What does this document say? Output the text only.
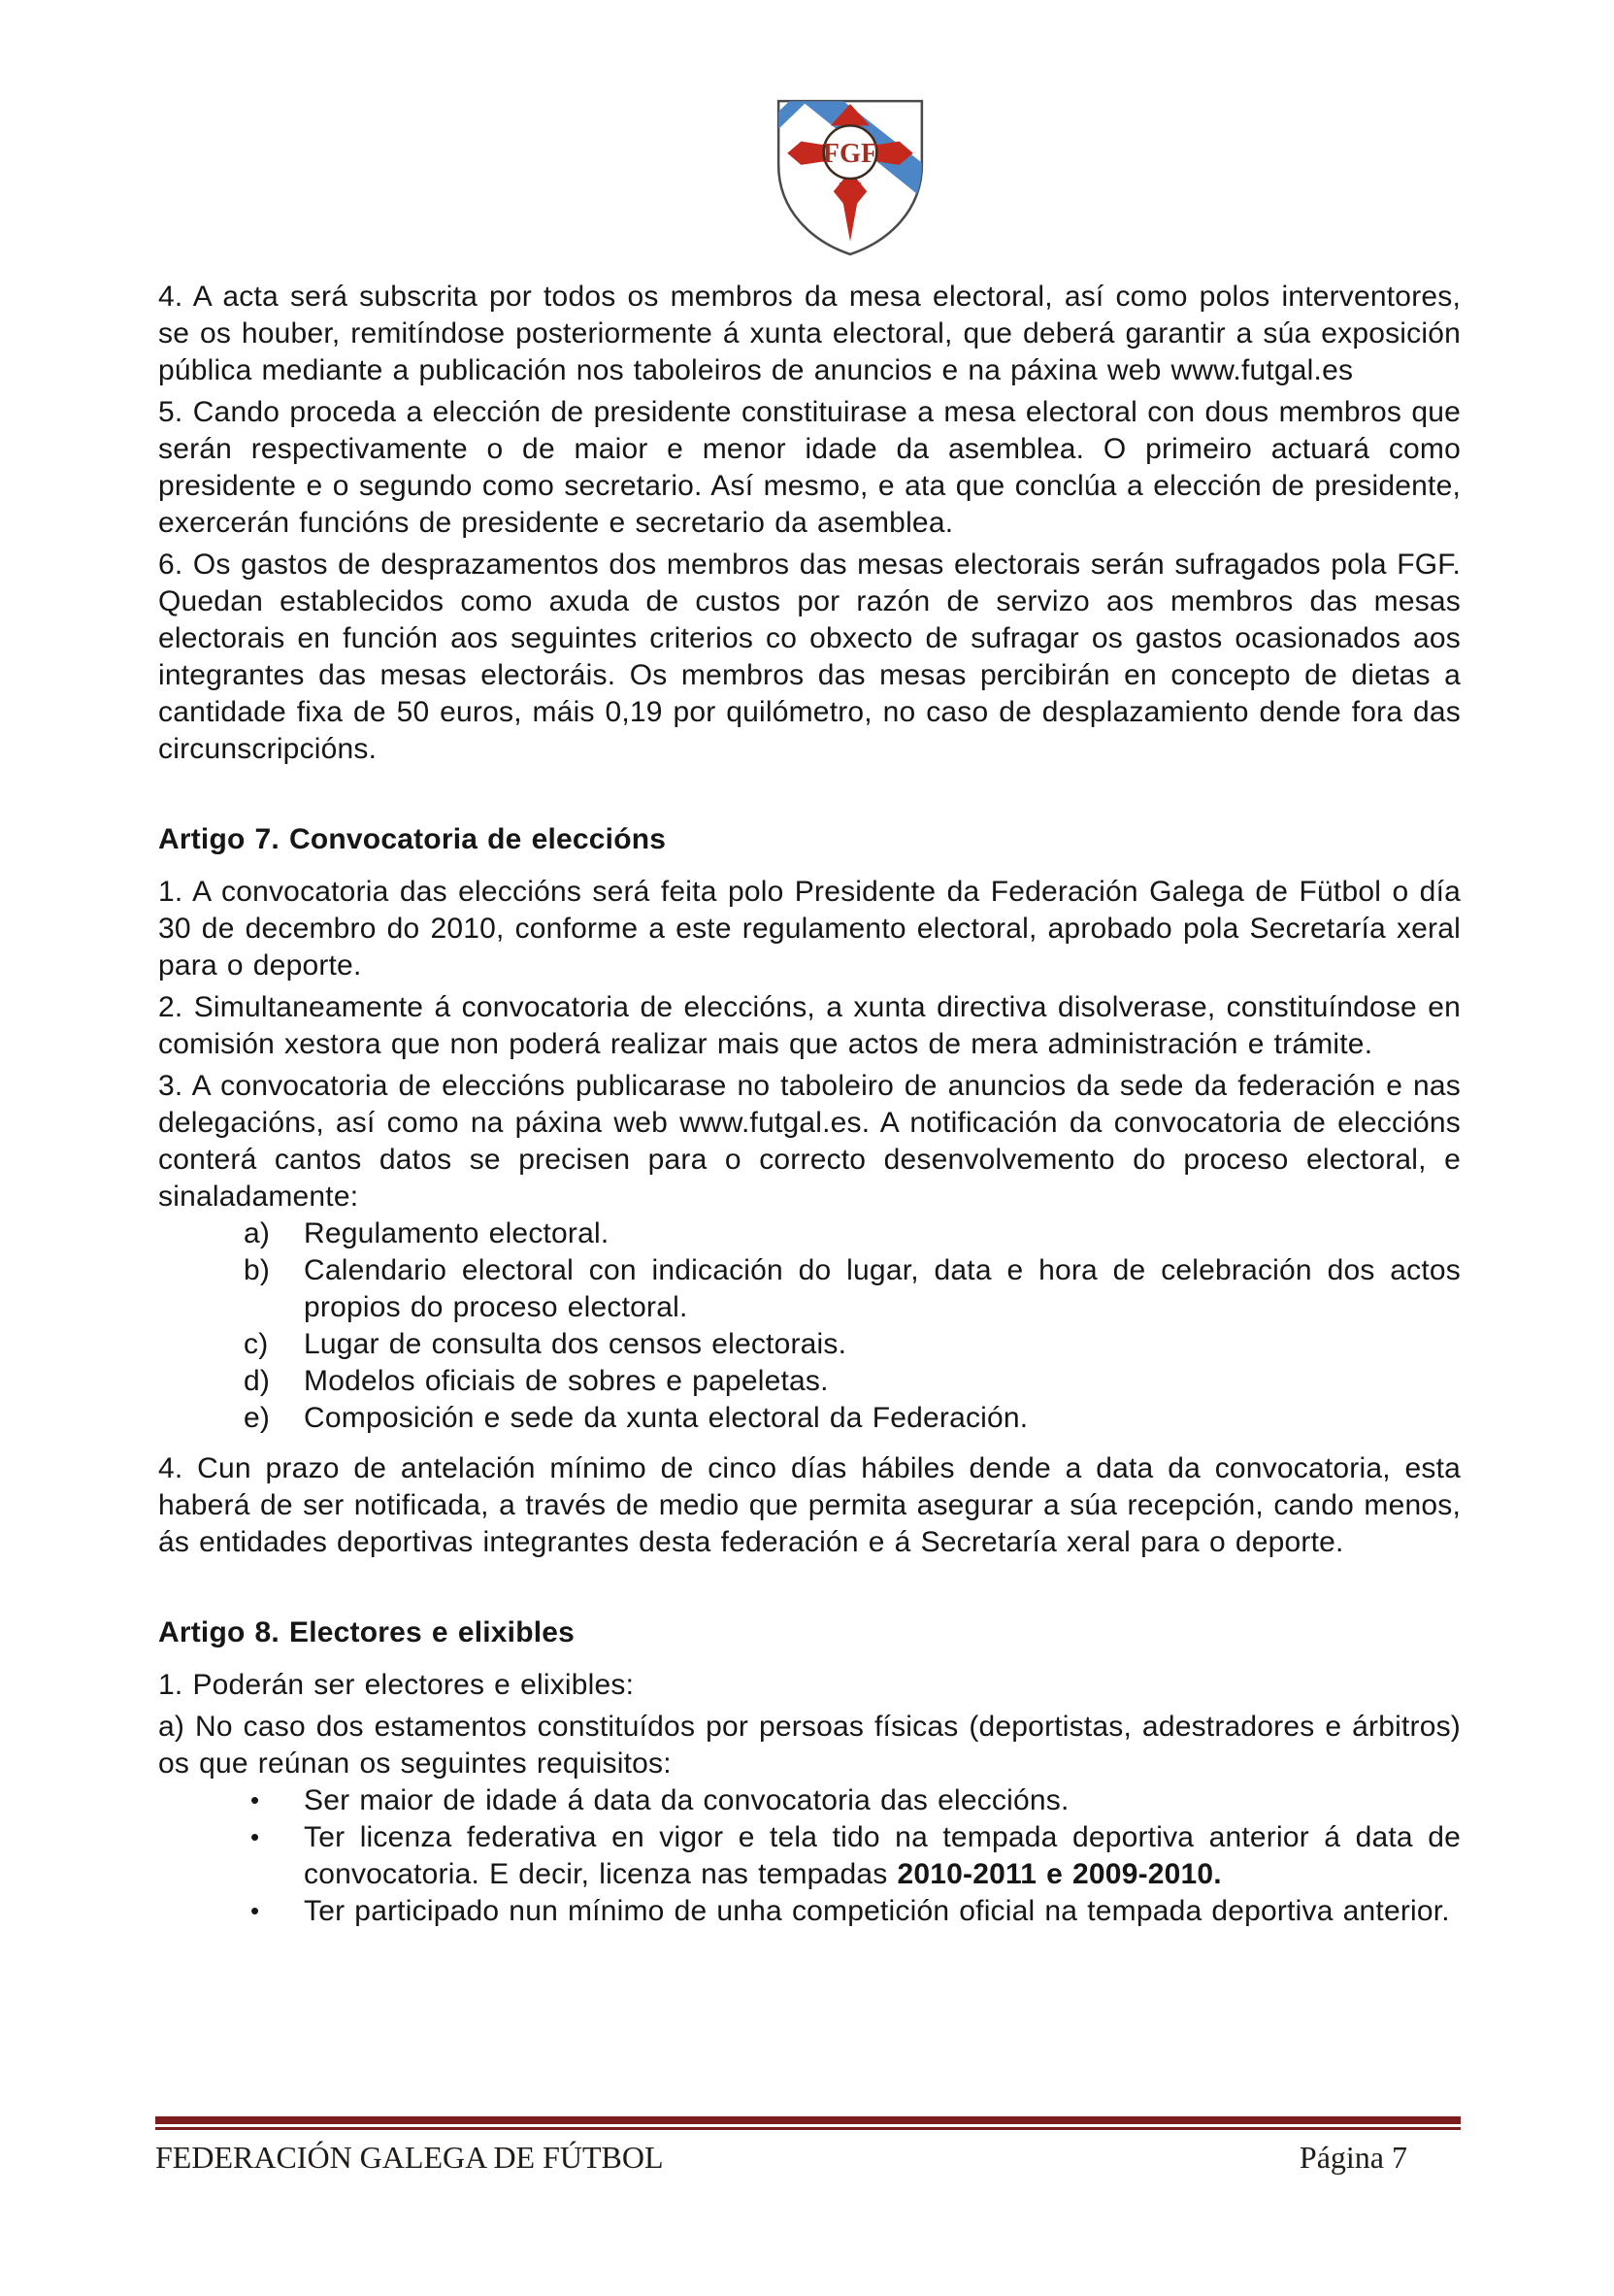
FGF

4. A acta será subscrita por todos os membros da mesa electoral, así como polos interventores, se os houber, remitíndose posteriormente á xunta electoral, que deberá garantir a súa exposición pública mediante a publicación nos taboleiros de anuncios e na páxina web www.futgal.es

5. Cando proceda a elección de presidente constituirase a mesa electoral con dous membros que serán respectivamente o de maior e menor idade da asemblea. O primeiro actuará como presidente e o segundo como secretario. Así mesmo, e ata que conclúa a elección de presidente, exercerán funcións de presidente e secretario da asemblea.

6. Os gastos de desprazamentos dos membros das mesas electorais serán sufragados pola FGF. Quedan establecidos como axuda de custos por razón de servizo aos membros das mesas electorais en función aos seguintes criterios co obxecto de sufragar os gastos ocasionados aos integrantes das mesas electoráis. Os membros das mesas percibirán en concepto de dietas a cantidade fixa de 50 euros, máis 0,19 por quilómetro, no caso de desplazamiento dende fora das circunscripcións.

Artigo 7. Convocatoria de eleccións

1. A convocatoria das eleccións será feita polo Presidente da Federación Galega de Fütbol o día 30 de decembro do 2010, conforme a este regulamento electoral, aprobado pola Secretaría xeral para o deporte.

2. Simultaneamente á convocatoria de eleccións, a xunta directiva disolverase, constituíndose en comisión xestora que non poderá realizar mais que actos de mera administración e trámite.

3. A convocatoria de eleccións publicarase no taboleiro de anuncios da sede da federación e nas delegacións, así como na páxina web www.futgal.es. A notificación da convocatoria de eleccións conterá cantos datos se precisen para o correcto desenvolvemento do proceso electoral, e sinaladamente:

a) Regulamento electoral.
b) Calendario electoral con indicación do lugar, data e hora de celebración dos actos propios do proceso electoral.
c) Lugar de consulta dos censos electorais.
d) Modelos oficiais de sobres e papeletas.
e) Composición e sede da xunta electoral da Federación.

4. Cun prazo de antelación mínimo de cinco días hábiles dende a data da convocatoria, esta haberá de ser notificada, a través de medio que permita asegurar a súa recepción, cando menos, ás entidades deportivas integrantes desta federación e á Secretaría xeral para o deporte.

Artigo 8. Electores e elixibles

1. Poderán ser electores e elixibles:

a) No caso dos estamentos constituídos por persoas físicas (deportistas, adestradores e árbitros) os que reúnan os seguintes requisitos:

• Ser maior de idade á data da convocatoria das eleccións.
• Ter licenza federativa en vigor e tela tido na tempada deportiva anterior á data de convocatoria. E decir, licenza nas tempadas 2010-2011 e 2009-2010.
• Ter participado nun mínimo de unha competición oficial na tempada deportiva anterior.
FEDERACIÓN GALEGA DE FÚTBOL	Página 7
